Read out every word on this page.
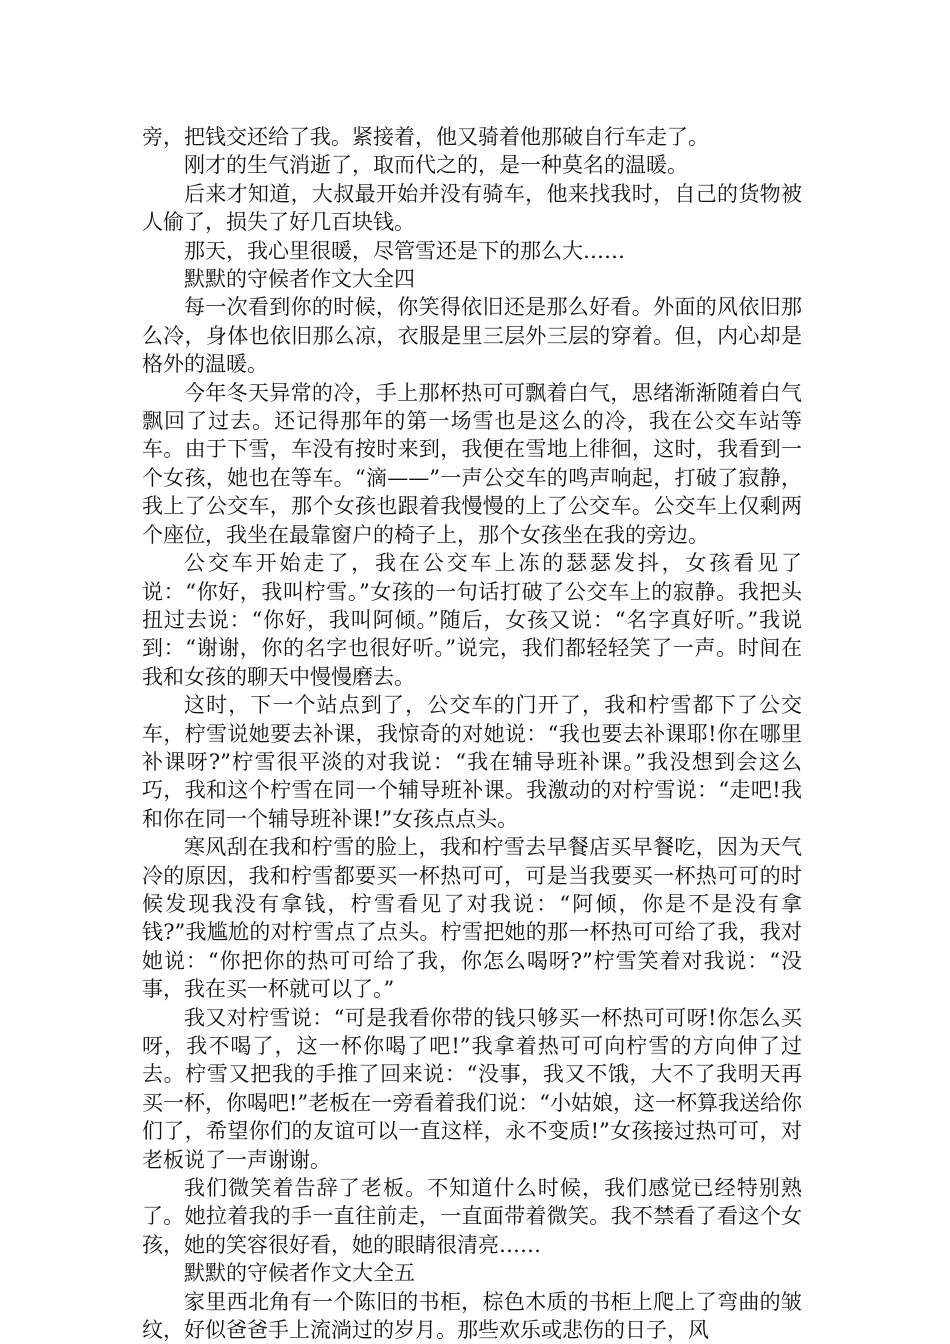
旁，把钱交还给了我。紧接着，他又骑着他那破自行车走了。

刚才的生气消逝了，取而代之的，是一种莫名的温暖。

后来才知道，大叔最开始并没有骑车，他来找我时，自己的货物被人偷了，损失了好几百块钱。

那天，我心里很暖，尽管雪还是下的那么大……

默默的守候者作文大全四

每一次看到你的时候，你笑得依旧还是那么好看。外面的风依旧那么冷，身体也依旧那么凉，衣服是里三层外三层的穿着。但，内心却是格外的温暖。

今年冬天异常的冷，手上那杯热可可飘着白气，思绪渐渐随着白气飘回了过去。还记得那年的第一场雪也是这么的冷，我在公交车站等车。由于下雪，车没有按时来到，我便在雪地上徘徊，这时，我看到一个女孩，她也在等车。“滴——”一声公交车的鸣声响起，打破了寂静，我上了公交车，那个女孩也跟着我慢慢的上了公交车。公交车上仅剩两个座位，我坐在最靠窗户的椅子上，那个女孩坐在我的旁边。

公交车开始走了，我在公交车上冻的瑟瑟发抖，女孩看见了说：“你好，我叫柠雪。”女孩的一句话打破了公交车上的寂静。我把头扭过去说：“你好，我叫阿倾。”随后，女孩又说：“名字真好听。”我说到：“谢谢，你的名字也很好听。”说完，我们都轻轻笑了一声。时间在我和女孩的聊天中慢慢磨去。

这时，下一个站点到了，公交车的门开了，我和柠雪都下了公交车，柠雪说她要去补课，我惊奇的对她说：“我也要去补课耶!你在哪里补课呀?”柠雪很平淡的对我说：“我在辅导班补课。”我没想到会这么巧，我和这个柠雪在同一个辅导班补课。我激动的对柠雪说：“走吧!我和你在同一个辅导班补课!”女孩点点头。

寒风刮在我和柠雪的脸上，我和柠雪去早餐店买早餐吃，因为天气冷的原因，我和柠雪都要买一杯热可可，可是当我要买一杯热可可的时候发现我没有拿钱，柠雪看见了对我说：“阿倾，你是不是没有拿钱?”我尴尬的对柠雪点了点头。柠雪把她的那一杯热可可给了我，我对她说：“你把你的热可可给了我，你怎么喝呀?”柠雪笑着对我说：“没事，我在买一杯就可以了。”

我又对柠雪说：“可是我看你带的钱只够买一杯热可可呀!你怎么买呀，我不喝了，这一杯你喝了吧!”我拿着热可可向柠雪的方向伸了过去。柠雪又把我的手推了回来说：“没事，我又不饿，大不了我明天再买一杯，你喝吧!”老板在一旁看着我们说：“小姑娘，这一杯算我送给你们了，希望你们的友谊可以一直这样，永不变质!”女孩接过热可可，对老板说了一声谢谢。

我们微笑着告辞了老板。不知道什么时候，我们感觉已经特别熟了。她拉着我的手一直往前走，一直面带着微笑。我不禁看了看这个女孩，她的笑容很好看，她的眼睛很清亮……

默默的守候者作文大全五

家里西北角有一个陈旧的书柜，棕色木质的书柜上爬上了弯曲的皱纹，好似爸爸手上流淌过的岁月。那些欢乐或悲伤的日子，风
